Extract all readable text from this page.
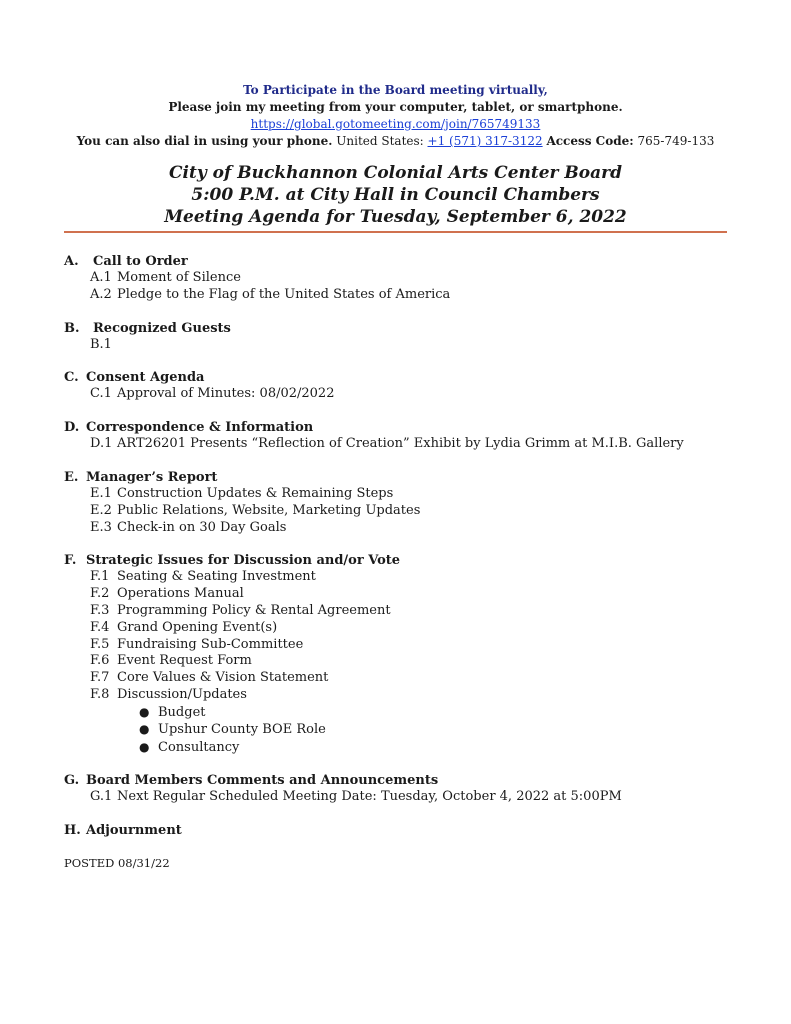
To Participate in the Board meeting virtually,
Please join my meeting from your computer, tablet, or smartphone.
https://global.gotomeeting.com/join/765749133
You can also dial in using your phone. United States: +1 (571) 317-3122 Access Code: 765-749-133
City of Buckhannon Colonial Arts Center Board
5:00 P.M. at City Hall in Council Chambers
Meeting Agenda for Tuesday, September 6, 2022
A.	Call to Order
A.1 Moment of Silence
A.2 Pledge to the Flag of the United States of America
B.	Recognized Guests
B.1
C. Consent Agenda
C.1 Approval of Minutes: 08/02/2022
D. Correspondence & Information
D.1 ART26201 Presents “Reflection of Creation” Exhibit by Lydia Grimm at M.I.B. Gallery
E. Manager’s Report
E.1 Construction Updates & Remaining Steps
E.2 Public Relations, Website, Marketing Updates
E.3 Check-in on 30 Day Goals
F. Strategic Issues for Discussion and/or Vote
F.1 Seating & Seating Investment
F.2 Operations Manual
F.3 Programming Policy & Rental Agreement
F.4 Grand Opening Event(s)
F.5 Fundraising Sub-Committee
F.6 Event Request Form
F.7 Core Values & Vision Statement
F.8 Discussion/Updates
● Budget
● Upshur County BOE Role
● Consultancy
G. Board Members Comments and Announcements
G.1 Next Regular Scheduled Meeting Date: Tuesday, October 4, 2022 at 5:00PM
H. Adjournment
POSTED 08/31/22
